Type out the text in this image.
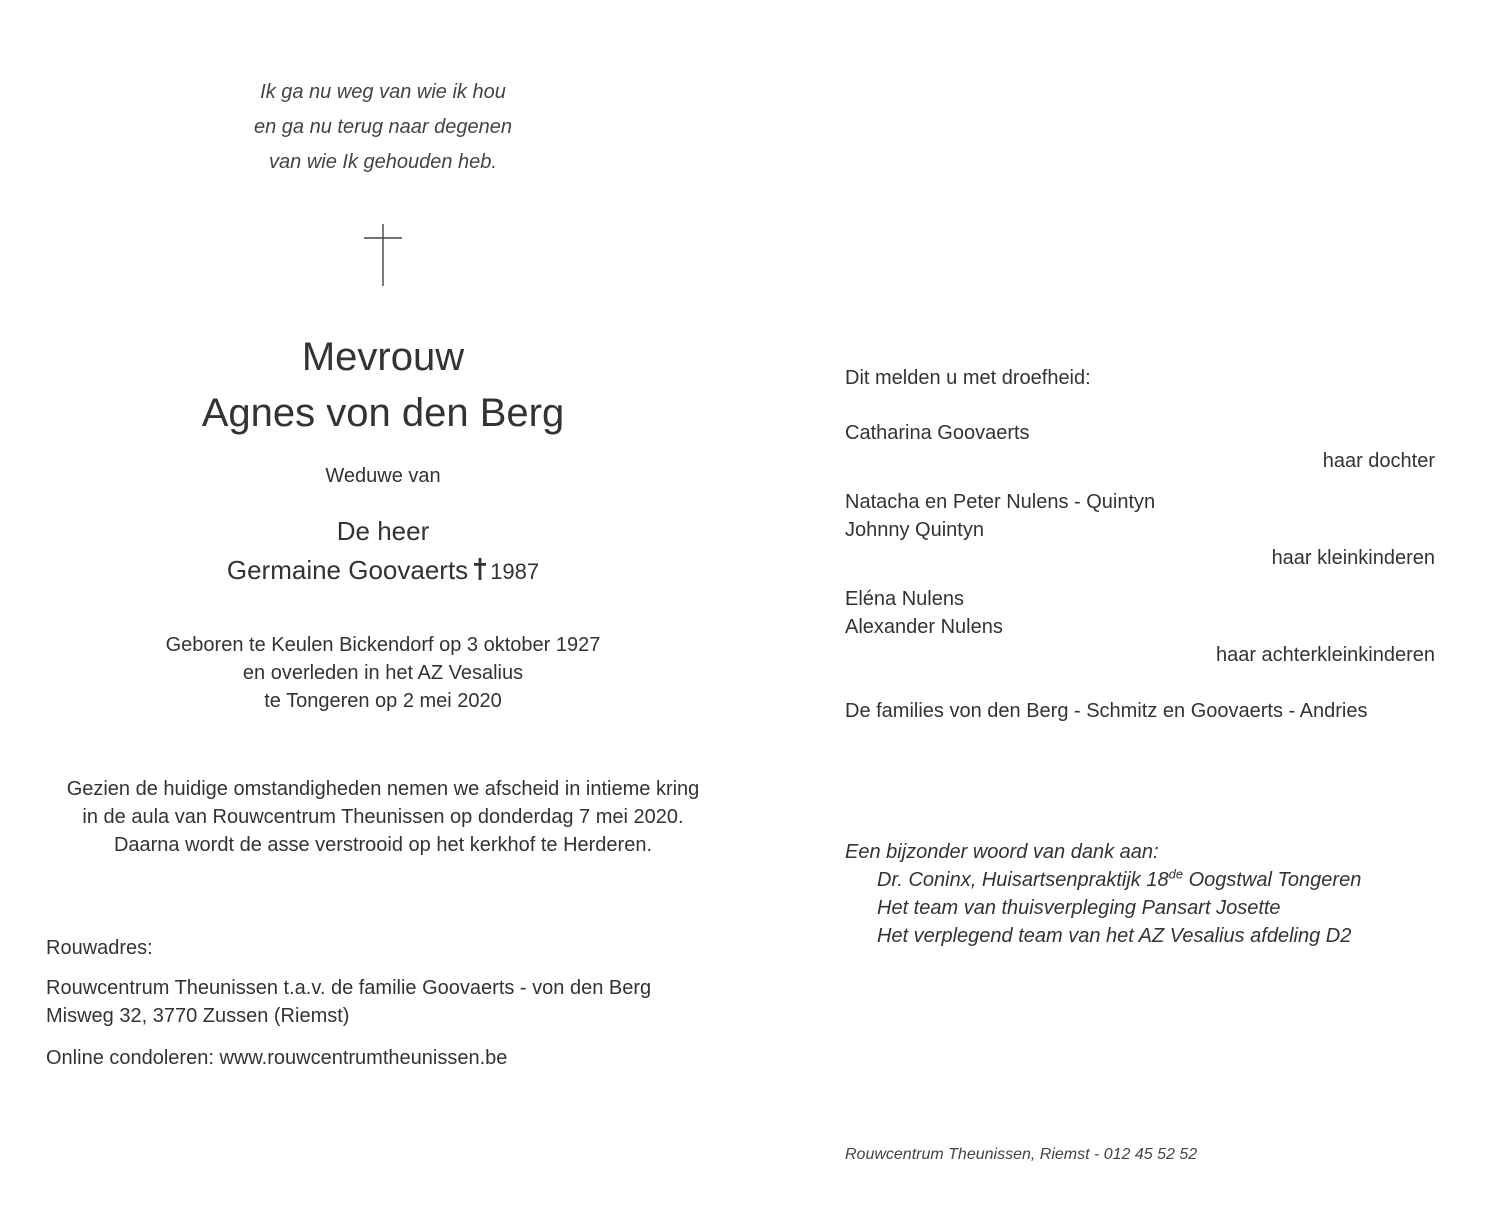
Ik ga nu weg van wie ik hou
en ga nu terug naar degenen
van wie Ik gehouden heb.
Mevrouw
Agnes von den Berg
Weduwe van
De heer
Germaine Goovaerts 1987
Geboren te Keulen Bickendorf op 3 oktober 1927
en overleden in het AZ Vesalius
te Tongeren op 2 mei 2020
Gezien de huidige omstandigheden nemen we afscheid in intieme kring
in de aula van Rouwcentrum Theunissen op donderdag 7 mei 2020.
Daarna wordt de asse verstrooid op het kerkhof te Herderen.
Rouwadres:
Rouwcentrum Theunissen t.a.v. de familie Goovaerts - von den Berg
Misweg 32, 3770 Zussen (Riemst)
Online condoleren: www.rouwcentrumtheunissen.be
Dit melden u met droefheid:
Catharina Goovaerts
haar dochter
Natacha en Peter Nulens - Quintyn
Johnny Quintyn
haar kleinkinderen
Eléna Nulens
Alexander Nulens
haar achterkleinkinderen
De families von den Berg - Schmitz en Goovaerts - Andries
Een bijzonder woord van dank aan:
Dr. Coninx, Huisartsenpraktijk 18de Oogstwal Tongeren
Het team van thuisverpleging Pansart Josette
Het verplegend team van het AZ Vesalius afdeling D2
Rouwcentrum Theunissen, Riemst - 012 45 52 52
